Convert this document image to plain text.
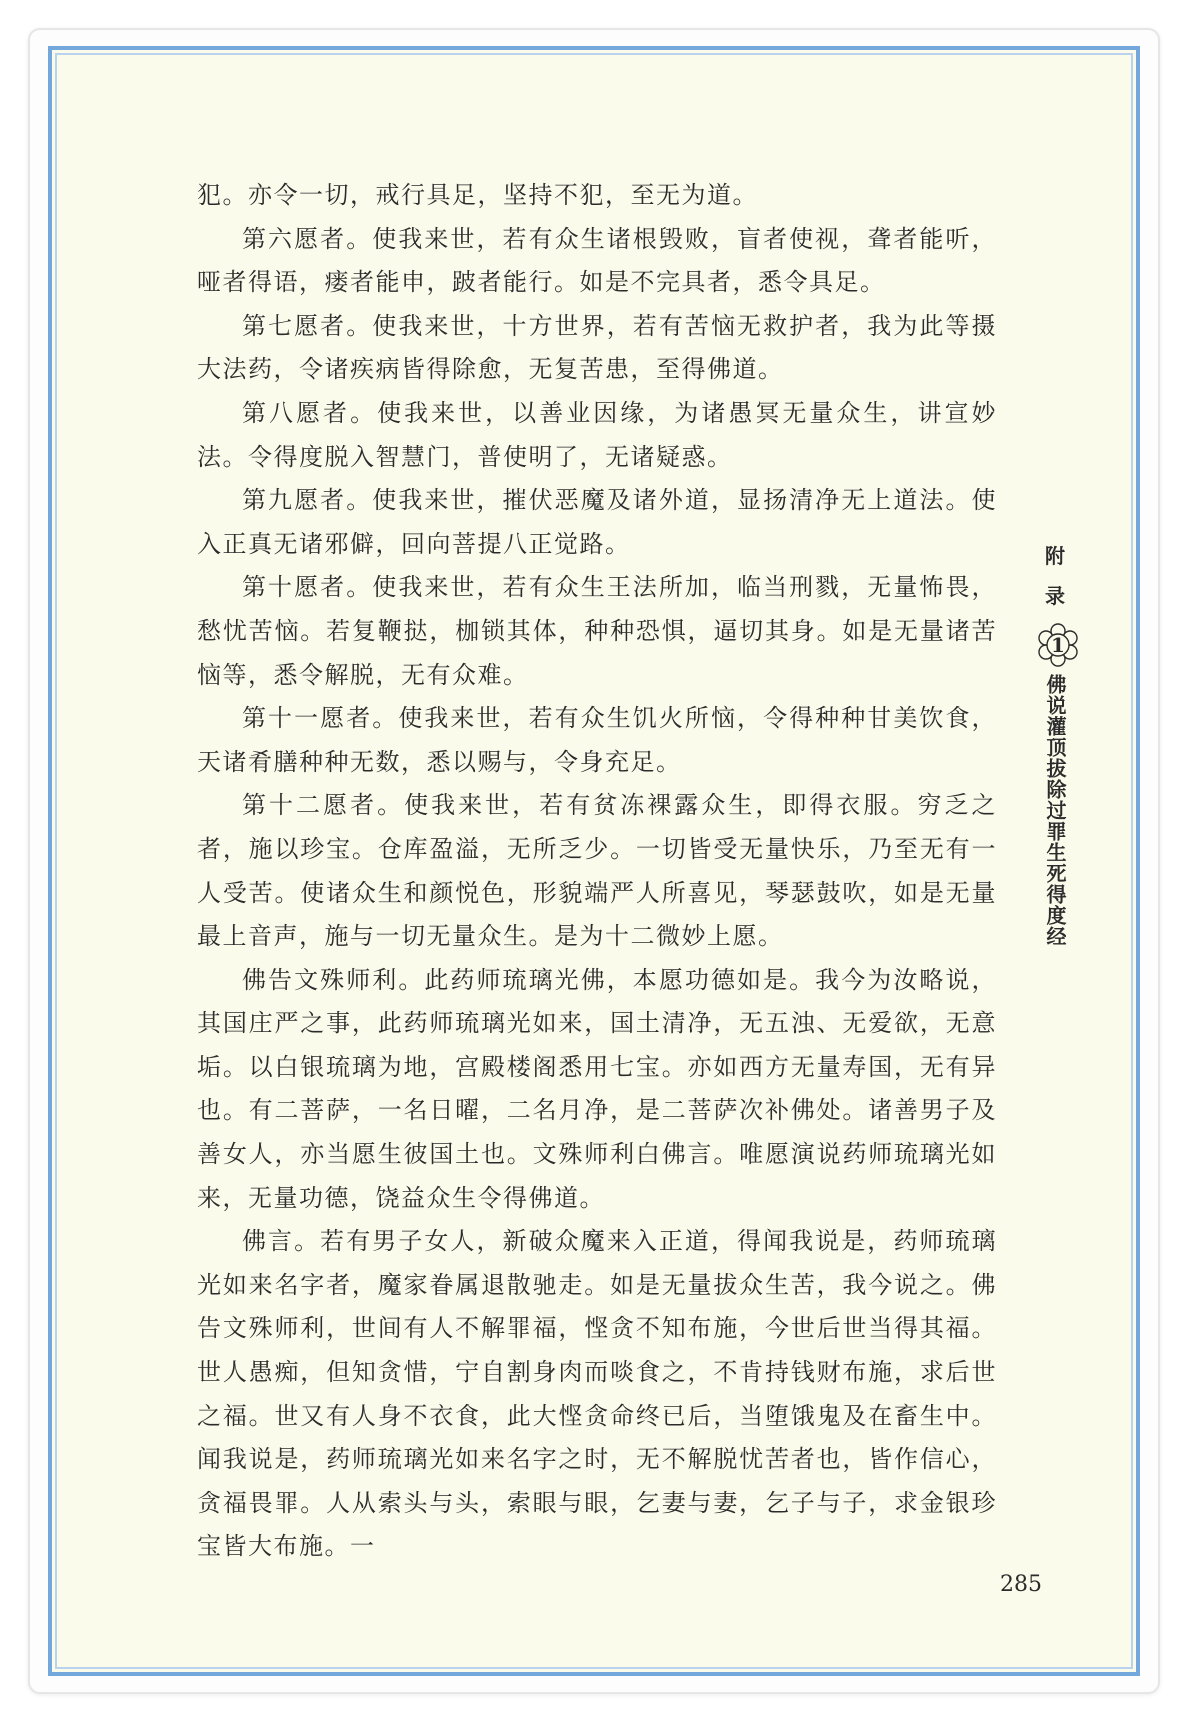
犯。亦令一切，戒行具足，坚持不犯，至无为道。

第六愿者。使我来世，若有众生诸根毁败，盲者使视，聋者能听，哑者得语，瘘者能申，跛者能行。如是不完具者，悉令具足。

第七愿者。使我来世，十方世界，若有苦恼无救护者，我为此等摄大法药，令诸疾病皆得除愈，无复苦患，至得佛道。

第八愿者。使我来世，以善业因缘，为诸愚冥无量众生，讲宣妙法。令得度脱入智慧门，普使明了，无诸疑惑。

第九愿者。使我来世，摧伏恶魔及诸外道，显扬清净无上道法。使入正真无诸邪僻，回向菩提八正觉路。

第十愿者。使我来世，若有众生王法所加，临当刑戮，无量怖畏，愁忧苦恼。若复鞭挞，枷锁其体，种种恐惧，逼切其身。如是无量诸苦恼等，悉令解脱，无有众难。

第十一愿者。使我来世，若有众生饥火所恼，令得种种甘美饮食，天诸肴膳种种无数，悉以赐与，令身充足。

第十二愿者。使我来世，若有贫冻裸露众生，即得衣服。穷乏之者，施以珍宝。仓库盈溢，无所乏少。一切皆受无量快乐，乃至无有一人受苦。使诸众生和颜悦色，形貌端严人所喜见，琴瑟鼓吹，如是无量最上音声，施与一切无量众生。是为十二微妙上愿。

佛告文殊师利。此药师琉璃光佛，本愿功德如是。我今为汝略说，其国庄严之事，此药师琉璃光如来，国土清净，无五浊、无爱欲，无意垢。以白银琉璃为地，宫殿楼阁悉用七宝。亦如西方无量寿国，无有异也。有二菩萨，一名日曜，二名月净，是二菩萨次补佛处。诸善男子及善女人，亦当愿生彼国土也。文殊师利白佛言。唯愿演说药师琉璃光如来，无量功德，饶益众生令得佛道。

佛言。若有男子女人，新破众魔来入正道，得闻我说是，药师琉璃光如来名字者，魔家眷属退散驰走。如是无量拔众生苦，我今说之。佛告文殊师利，世间有人不解罪福，悭贪不知布施，今世后世当得其福。世人愚痴，但知贪惜，宁自割身肉而啖食之，不肯持钱财布施，求后世之福。世又有人身不衣食，此大悭贪命终已后，当堕饿鬼及在畜生中。闻我说是，药师琉璃光如来名字之时，无不解脱忧苦者也，皆作信心，贪福畏罪。人从索头与头，索眼与眼，乞妻与妻，乞子与子，求金银珍宝皆大布施。一

附
录
1
佛说灌顶拔除过罪生死得度经
285
